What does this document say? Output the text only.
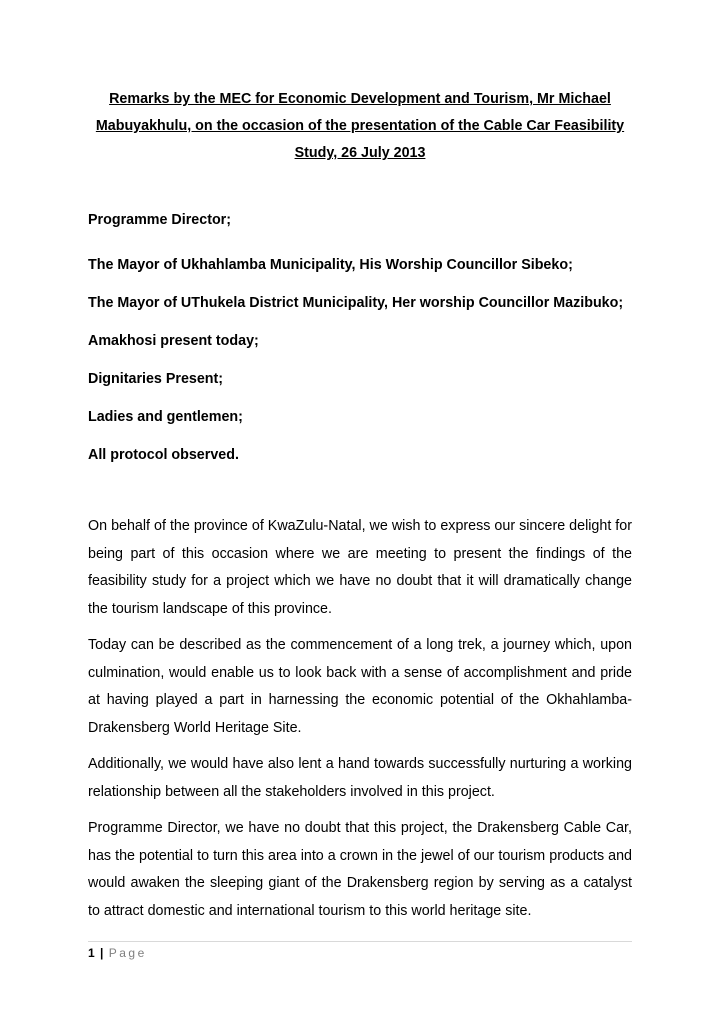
Remarks by the MEC for Economic Development and Tourism, Mr Michael

Mabuyakhulu, on the occasion of the presentation of the Cable Car Feasibility

Study, 26 July 2013

Programme Director;

The Mayor of Ukhahlamba Municipality, His Worship Councillor Sibeko;

The Mayor of UThukela District Municipality, Her worship Councillor Mazibuko;

Amakhosi present today;

Dignitaries Present;

Ladies and gentlemen;

All protocol observed.

On behalf of the province of KwaZulu-Natal, we wish to express our sincere delight for being part of this occasion where we are meeting to present the findings of the feasibility study for a project which we have no doubt that it will dramatically change the tourism landscape of this province.

Today can be described as the commencement of a long trek, a journey which, upon culmination, would enable us to look back with a sense of accomplishment and pride at having played a part in harnessing the economic potential of the Okhahlamba-Drakensberg World Heritage Site.

Additionally, we would have also lent a hand towards successfully nurturing a working relationship between all the stakeholders involved in this project.

Programme Director, we have no doubt that this project, the Drakensberg Cable Car, has the potential to turn this area into a crown in the jewel of our tourism products and would awaken the sleeping giant of the Drakensberg region by serving as a catalyst to attract domestic and international tourism to this world heritage site.

1 | Page
